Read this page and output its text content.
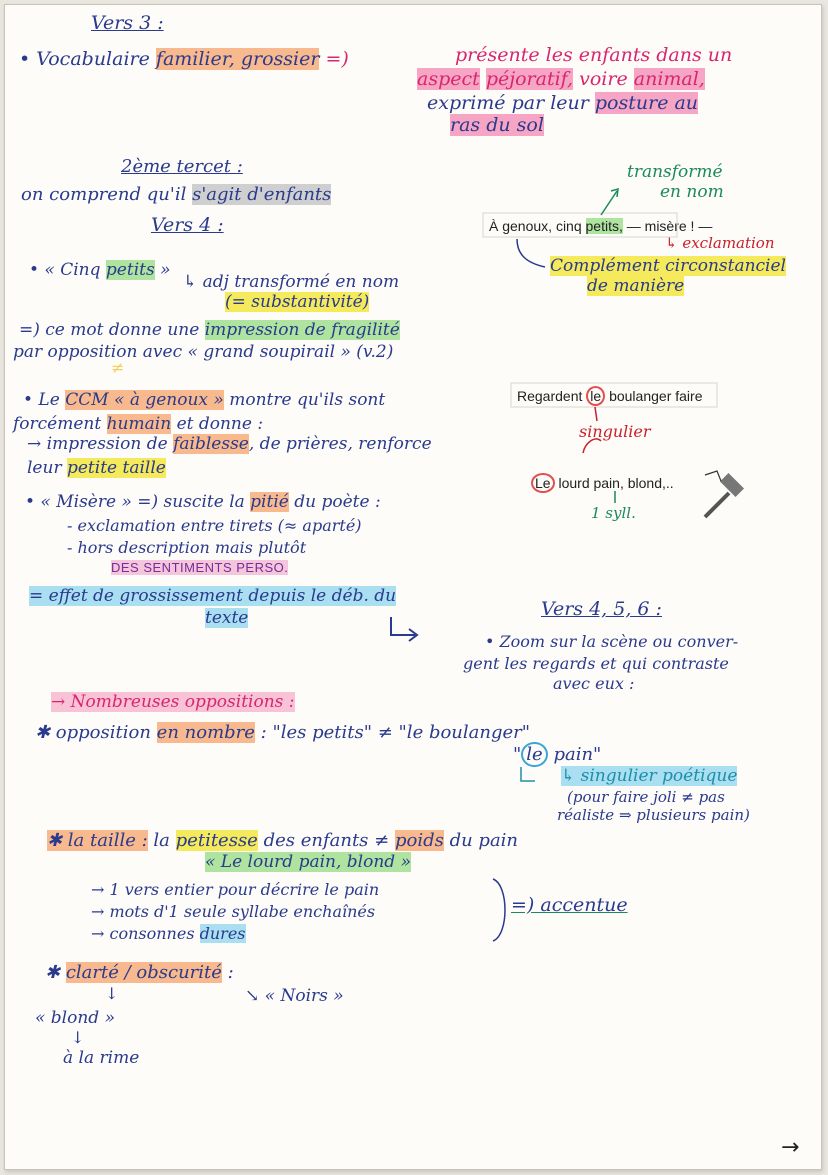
Vers 3 :
• Vocabulaire familier, grossier =)	présente les enfants dans un
aspect péjoratif, voire animal,
exprimé par leur posture au
ras du sol
2ème tercet :
on comprend qu'il s'agit d'enfants
transformé
en nom
À genoux, cinq petits, — misère ! —
↳ exclamation
Complément circonstanciel
de manière
Vers 4 :
• « Cinq petits »
↳ adj transformé en nom
(= substantivité)
=) ce mot donne une impression de fragilité
par opposition avec « grand soupirail » (v.2)
≠
• Le CCM « à genoux » montre qu'ils sont
forcément humain et donne :
→ impression de faiblesse, de prières, renforce
leur petite taille
Regardent le boulanger faire
singulier
Le lourd pain, blond,..
1 syll.
• « Misère » =) suscite la pitié du poète :
- exclamation entre tirets (≈ aparté)
- hors description mais plutôt
DES SENTIMENTS PERSO.
= effet de grossissement depuis le déb. du
texte	Vers 4, 5, 6 :
• Zoom sur la scène ou conver-
gent les regards et qui contraste
avec eux :
→ Nombreuses oppositions :
✱ opposition en nombre : "les petits" ≠ "le boulanger"
" le pain"
↳ singulier poétique
(pour faire joli ≠ pas
réaliste ⇒ plusieurs pain)
✱ la taille : la petitesse des enfants ≠ poids du pain
« Le lourd pain, blond »
→ 1 vers entier pour décrire le pain
→ mots d'1 seule syllabe enchaînés
→ consonnes dures
=) accentue
✱ clarté / obscurité :
↓	↘ « Noirs »
« blond »
↓
à la rime
→
